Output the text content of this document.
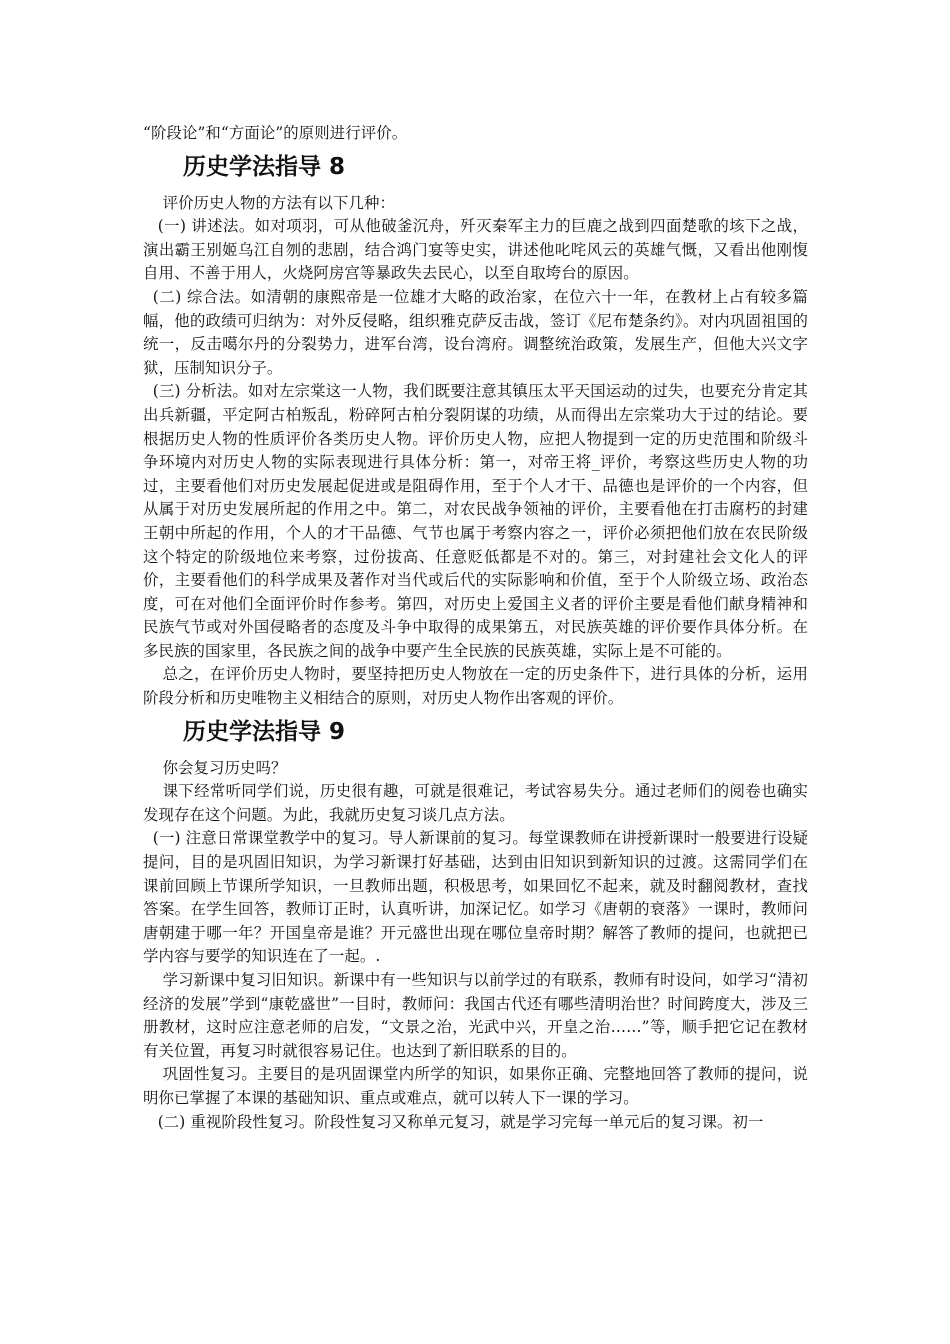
“阶段论”和“方面论”的原则进行评价。

历史学法指导 8

评价历史人物的方法有以下几种：

(一) 讲述法。如对项羽，可从他破釜沉舟，歼灭秦军主力的巨鹿之战到四面楚歌的垓下之战，演出霸王别姬乌江自刎的悲剧，结合鸿门宴等史实，讲述他叱咤风云的英雄气慨，又看出他刚愎自用、不善于用人，火烧阿房宫等暴政失去民心，以至自取垮台的原因。

(二) 综合法。如清朝的康熙帝是一位雄才大略的政治家，在位六十一年，在教材上占有较多篇幅，他的政绩可归纳为：对外反侵略，组织雅克萨反击战，签订《尼布楚条约》。对内巩固祖国的统一，反击噶尔丹的分裂势力，进军台湾，设台湾府。调整统治政策，发展生产，但他大兴文字狱，压制知识分子。

(三) 分析法。如对左宗棠这一人物，我们既要注意其镇压太平天国运动的过失，也要充分肯定其出兵新疆，平定阿古柏叛乱，粉碎阿古柏分裂阴谋的功绩，从而得出左宗棠功大于过的结论。要根据历史人物的性质评价各类历史人物。评价历史人物，应把人物提到一定的历史范围和阶级斗争环境内对历史人物的实际表现进行具体分析：第一，对帝王将_评价，考察这些历史人物的功过，主要看他们对历史发展起促进或是阻碍作用，至于个人才干、品德也是评价的一个内容，但从属于对历史发展所起的作用之中。第二，对农民战争领袖的评价，主要看他在打击腐朽的封建王朝中所起的作用，个人的才干品德、气节也属于考察内容之一，评价必须把他们放在农民阶级这个特定的阶级地位来考察，过份拔高、任意贬低都是不对的。第三，对封建社会文化人的评价，主要看他们的科学成果及著作对当代或后代的实际影响和价值，至于个人阶级立场、政治态度，可在对他们全面评价时作参考。第四，对历史上爱国主义者的评价主要是看他们献身精神和民族气节或对外国侵略者的态度及斗争中取得的成果第五，对民族英雄的评价要作具体分析。在多民族的国家里，各民族之间的战争中要产生全民族的民族英雄，实际上是不可能的。

总之，在评价历史人物时，要坚持把历史人物放在一定的历史条件下，进行具体的分析，运用阶段分析和历史唯物主义相结合的原则，对历史人物作出客观的评价。

历史学法指导 9

你会复习历史吗？

课下经常听同学们说，历史很有趣，可就是很难记，考试容易失分。通过老师们的阅卷也确实发现存在这个问题。为此，我就历史复习谈几点方法。

(一) 注意日常课堂教学中的复习。导人新课前的复习。每堂课教师在讲授新课时一般要进行设疑提问，目的是巩固旧知识，为学习新课打好基础，达到由旧知识到新知识的过渡。这需同学们在课前回顾上节课所学知识，一旦教师出题，积极思考，如果回忆不起来，就及时翻阅教材，查找答案。在学生回答，教师订正时，认真听讲，加深记忆。如学习《唐朝的衰落》一课时，教师问唐朝建于哪一年？开国皇帝是谁？开元盛世出现在哪位皇帝时期？解答了教师的提问，也就把已学内容与要学的知识连在了一起。.

学习新课中复习旧知识。新课中有一些知识与以前学过的有联系，教师有时设问，如学习“清初经济的发展”学到“康乾盛世”一目时，教师问：我国古代还有哪些清明治世？时间跨度大，涉及三册教材，这时应注意老师的启发，“文景之治，光武中兴，开皇之治……”等，顺手把它记在教材有关位置，再复习时就很容易记住。也达到了新旧联系的目的。

巩固性复习。主要目的是巩固课堂内所学的知识，如果你正确、完整地回答了教师的提问，说明你已掌握了本课的基础知识、重点或难点，就可以转人下一课的学习。

(二) 重视阶段性复习。阶段性复习又称单元复习，就是学习完每一单元后的复习课。初一
